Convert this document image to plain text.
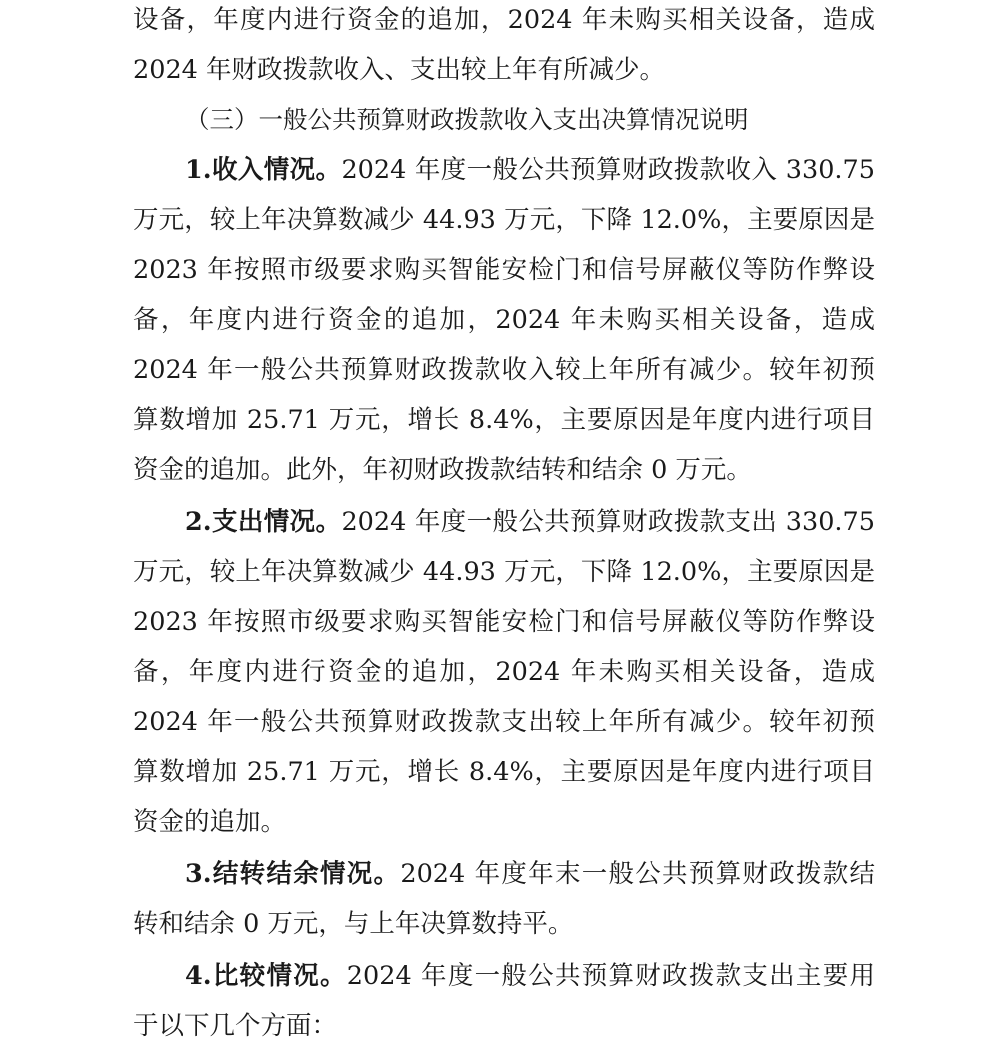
设备，年度内进行资金的追加，2024 年未购买相关设备，造成
2024 年财政拨款收入、支出较上年有所减少。
（三）一般公共预算财政拨款收入支出决算情况说明
1.收入情况。2024 年度一般公共预算财政拨款收入 330.75
万元，较上年决算数减少 44.93 万元，下降 12.0%，主要原因是
2023 年按照市级要求购买智能安检门和信号屏蔽仪等防作弊设
备，年度内进行资金的追加，2024 年未购买相关设备，造成
2024 年一般公共预算财政拨款收入较上年所有减少。较年初预
算数增加 25.71 万元，增长 8.4%，主要原因是年度内进行项目
资金的追加。此外，年初财政拨款结转和结余 0 万元。
2.支出情况。2024 年度一般公共预算财政拨款支出 330.75
万元，较上年决算数减少 44.93 万元，下降 12.0%，主要原因是
2023 年按照市级要求购买智能安检门和信号屏蔽仪等防作弊设
备，年度内进行资金的追加，2024 年未购买相关设备，造成
2024 年一般公共预算财政拨款支出较上年所有减少。较年初预
算数增加 25.71 万元，增长 8.4%，主要原因是年度内进行项目
资金的追加。
3.结转结余情况。2024 年度年末一般公共预算财政拨款结
转和结余 0 万元，与上年决算数持平。
4.比较情况。2024 年度一般公共预算财政拨款支出主要用
于以下几个方面：
